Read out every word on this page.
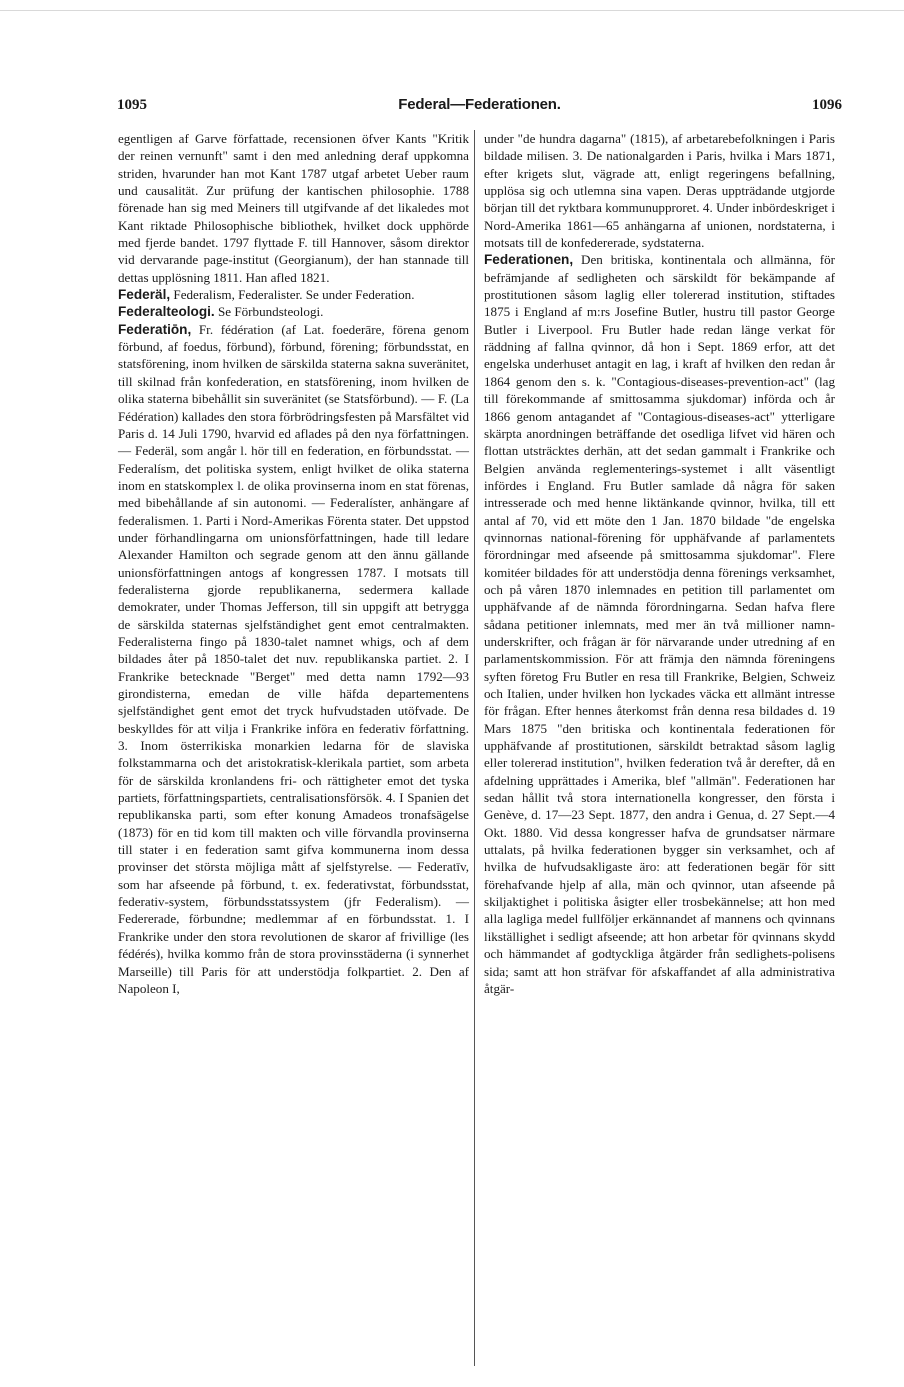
1095	Federal—Federationen.	1096

egentligen af Garve författade, recensionen öfver Kants "Kritik der reinen vernunft" samt i den med anledning deraf uppkomna striden, hvarunder han mot Kant 1787 utgaf arbetet Ueber raum und causalität. Zur prüfung der kantischen philosophie. 1788 förenade han sig med Meiners till utgifvande af det likaledes mot Kant riktade Philosophische bibliothek, hvilket dock upphörde med fjerde bandet. 1797 flyttade F. till Hannover, såsom direktor vid dervarande page-institut (Georgianum), der han stannade till dettas upplösning 1811. Han afled 1821.

Federäl, Federalism, Federalister. Se under Federation.

Federalteologi. Se Förbundsteologi.

Federatiōn, Fr. fédération (af Lat. foederāre, förena genom förbund, af foedus, förbund), förbund, förening; förbundsstat, en statsförening, inom hvilken de särskilda staterna sakna suveränitet, till skilnad från konfederation, en statsförening, inom hvilken de olika staterna bibehållit sin suveränitet (se Statsförbund). — F. (La Fédération) kallades den stora förbrödringsfesten på Marsfältet vid Paris d. 14 Juli 1790, hvarvid ed aflades på den nya författningen. — Federäl, som angår l. hör till en federation, en förbundsstat. — Federalísm, det politiska system, enligt hvilket de olika staterna inom en statskomplex l. de olika provinserna inom en stat förenas, med bibehållande af sin autonomi. — Federalíster, anhängare af federalismen. 1. Parti i Nord-Amerikas Förenta stater. Det uppstod under förhandlingarna om unionsförfattningen, hade till ledare Alexander Hamilton och segrade genom att den ännu gällande unionsförfattningen antogs af kongressen 1787. I motsats till federalisterna gjorde republikanerna, sedermera kallade demokrater, under Thomas Jefferson, till sin uppgift att betrygga de särskilda staternas sjelfständighet gent emot centralmakten. Federalisterna fingo på 1830-talet namnet whigs, och af dem bildades åter på 1850-talet det nuv. republikanska partiet. 2. I Frankrike betecknade "Berget" med detta namn 1792—93 girondisterna, emedan de ville häfda departementens sjelfständighet gent emot det tryck hufvudstaden utöfvade. De beskylldes för att vilja i Frankrike införa en federativ författning. 3. Inom österrikiska monarkien ledarna för de slaviska folkstammarna och det aristokratisk-klerikala partiet, som arbeta för de särskilda kronlandens fri- och rättigheter emot det tyska partiets, författningspartiets, centralisationsförsök. 4. I Spanien det republikanska parti, som efter konung Amadeos tronafsägelse (1873) för en tid kom till makten och ville förvandla provinserna till stater i en federation samt gifva kommunerna inom dessa provinser det största möjliga mått af sjelfstyrelse. — Federatīv, som har afseende på förbund, t. ex. federativstat, förbundsstat, federativ-system, förbundsstatssystem (jfr Federalism). — Federerade, förbundne; medlemmar af en förbundsstat. 1. I Frankrike under den stora revolutionen de skaror af frivillige (les fédérés), hvilka kommo från de stora provinsstäderna (i synnerhet Marseille) till Paris för att understödja folkpartiet. 2. Den af Napoleon I,

under "de hundra dagarna" (1815), af arbetarebefolkningen i Paris bildade milisen. 3. De nationalgarden i Paris, hvilka i Mars 1871, efter krigets slut, vägrade att, enligt regeringens befallning, upplösa sig och utlemna sina vapen. Deras uppträdande utgjorde början till det ryktbara kommunupproret. 4. Under inbördeskriget i Nord-Amerika 1861—65 anhängarna af unionen, nordstaterna, i motsats till de konfedererade, sydstaterna.

Federationen, Den britiska, kontinentala och allmänna, för befrämjande af sedligheten och särskildt för bekämpande af prostitutionen såsom laglig eller tolererad institution, stiftades 1875 i England af m:rs Josefine Butler, hustru till pastor George Butler i Liverpool. Fru Butler hade redan länge verkat för räddning af fallna qvinnor, då hon i Sept. 1869 erfor, att det engelska underhuset antagit en lag, i kraft af hvilken den redan år 1864 genom den s. k. "Contagious-diseases-prevention-act" (lag till förekommande af smittosamma sjukdomar) införda och år 1866 genom antagandet af "Contagious-diseases-act" ytterligare skärpta anordningen beträffande det osedliga lifvet vid hären och flottan utsträcktes derhän, att det sedan gammalt i Frankrike och Belgien använda reglementerings-systemet i allt väsentligt infördes i England. Fru Butler samlade då några för saken intresserade och med henne liktänkande qvinnor, hvilka, till ett antal af 70, vid ett möte den 1 Jan. 1870 bildade "de engelska qvinnornas national-förening för upphäfvande af parlamentets förordningar med afseende på smittosamma sjukdomar". Flere komitéer bildades för att understödja denna förenings verksamhet, och på våren 1870 inlemnades en petition till parlamentet om upphäfvande af de nämnda förordningarna. Sedan hafva flere sådana petitioner inlemnats, med mer än två millioner namn-underskrifter, och frågan är för närvarande under utredning af en parlamentskommission. För att främja den nämnda föreningens syften företog Fru Butler en resa till Frankrike, Belgien, Schweiz och Italien, under hvilken hon lyckades väcka ett allmänt intresse för frågan. Efter hennes återkomst från denna resa bildades d. 19 Mars 1875 "den britiska och kontinentala federationen för upphäfvande af prostitutionen, särskildt betraktad såsom laglig eller tolererad institution", hvilken federation två år derefter, då en afdelning upprättades i Amerika, blef "allmän". Federationen har sedan hållit två stora internationella kongresser, den första i Genève, d. 17—23 Sept. 1877, den andra i Genua, d. 27 Sept.—4 Okt. 1880. Vid dessa kongresser hafva de grundsatser närmare uttalats, på hvilka federationen bygger sin verksamhet, och af hvilka de hufvudsakligaste äro: att federationen begär för sitt förehafvande hjelp af alla, män och qvinnor, utan afseende på skiljaktighet i politiska åsigter eller trosbekännelse; att hon med alla lagliga medel fullföljer erkännandet af mannens och qvinnans likställighet i sedligt afseende; att hon arbetar för qvinnans skydd och hämmandet af godtyckliga åtgärder från sedlighets-polisens sida; samt att hon sträfvar för afskaffandet af alla administrativa åtgär-
